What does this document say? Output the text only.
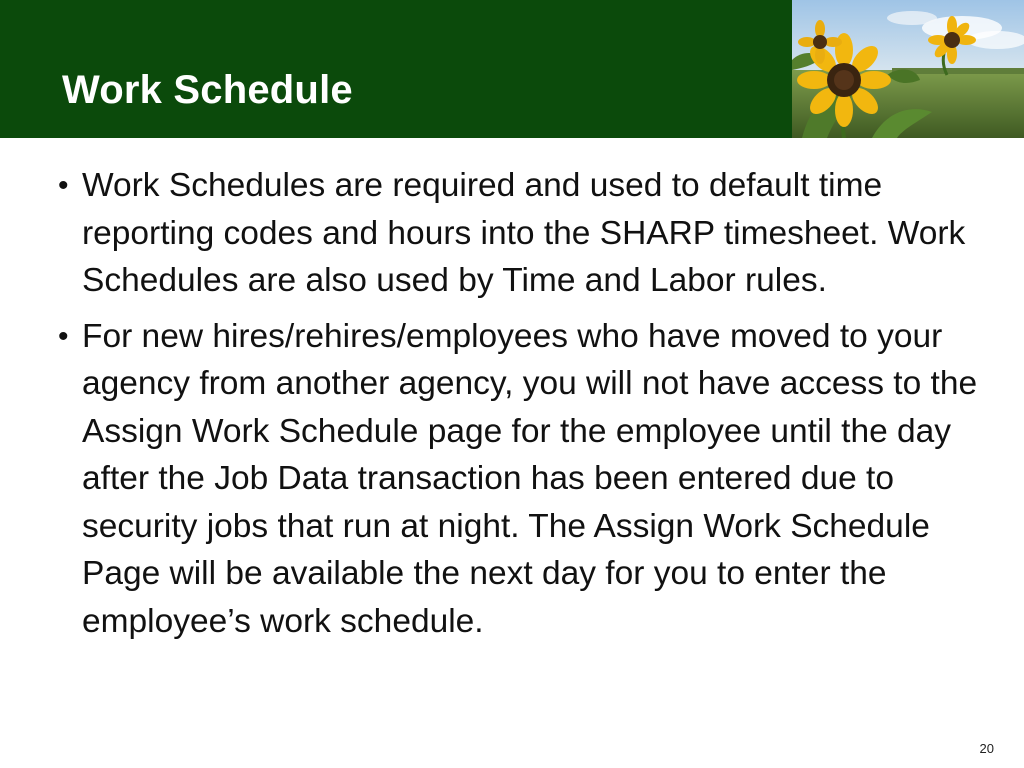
Work Schedule
• Work Schedules are required and used to default time reporting codes and hours into the SHARP timesheet. Work Schedules are also used by Time and Labor rules.
• For new hires/rehires/employees who have moved to your agency from another agency, you will not have access to the Assign Work Schedule page for the employee until the day after the Job Data transaction has been entered due to security jobs that run at night. The Assign Work Schedule Page will be available the next day for you to enter the employee’s work schedule.
20
